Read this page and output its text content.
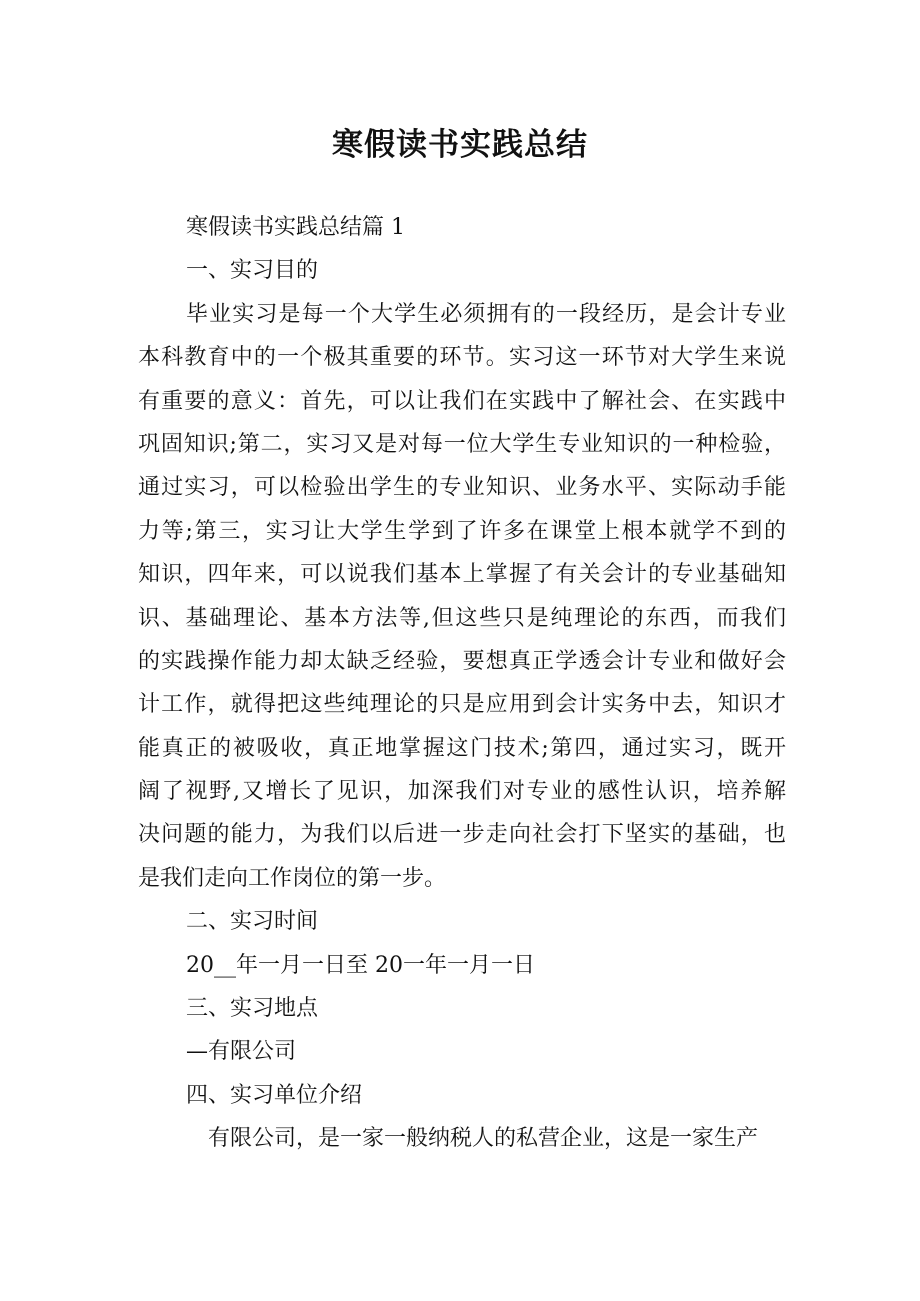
寒假读书实践总结
寒假读书实践总结篇 1
一、实习目的
毕业实习是每一个大学生必须拥有的一段经历，是会计专业
本科教育中的一个极其重要的环节。实习这一环节对大学生来说
有重要的意义：首先，可以让我们在实践中了解社会、在实践中
巩固知识;第二，实习又是对每一位大学生专业知识的一种检验，
通过实习，可以检验出学生的专业知识、业务水平、实际动手能
力等;第三，实习让大学生学到了许多在课堂上根本就学不到的
知识，四年来，可以说我们基本上掌握了有关会计的专业基础知
识、基础理论、基本方法等,但这些只是纯理论的东西，而我们
的实践操作能力却太缺乏经验，要想真正学透会计专业和做好会
计工作，就得把这些纯理论的只是应用到会计实务中去，知识才
能真正的被吸收，真正地掌握这门技术;第四，通过实习，既开
阔了视野,又增长了见识，加深我们对专业的感性认识，培养解
决问题的能力，为我们以后进一步走向社会打下坚实的基础，也
是我们走向工作岗位的第一步。
二、实习时间
20__年一月一日至 20一年一月一日
三、实习地点
—有限公司
四、实习单位介绍
有限公司，是一家一般纳税人的私营企业，这是一家生产
